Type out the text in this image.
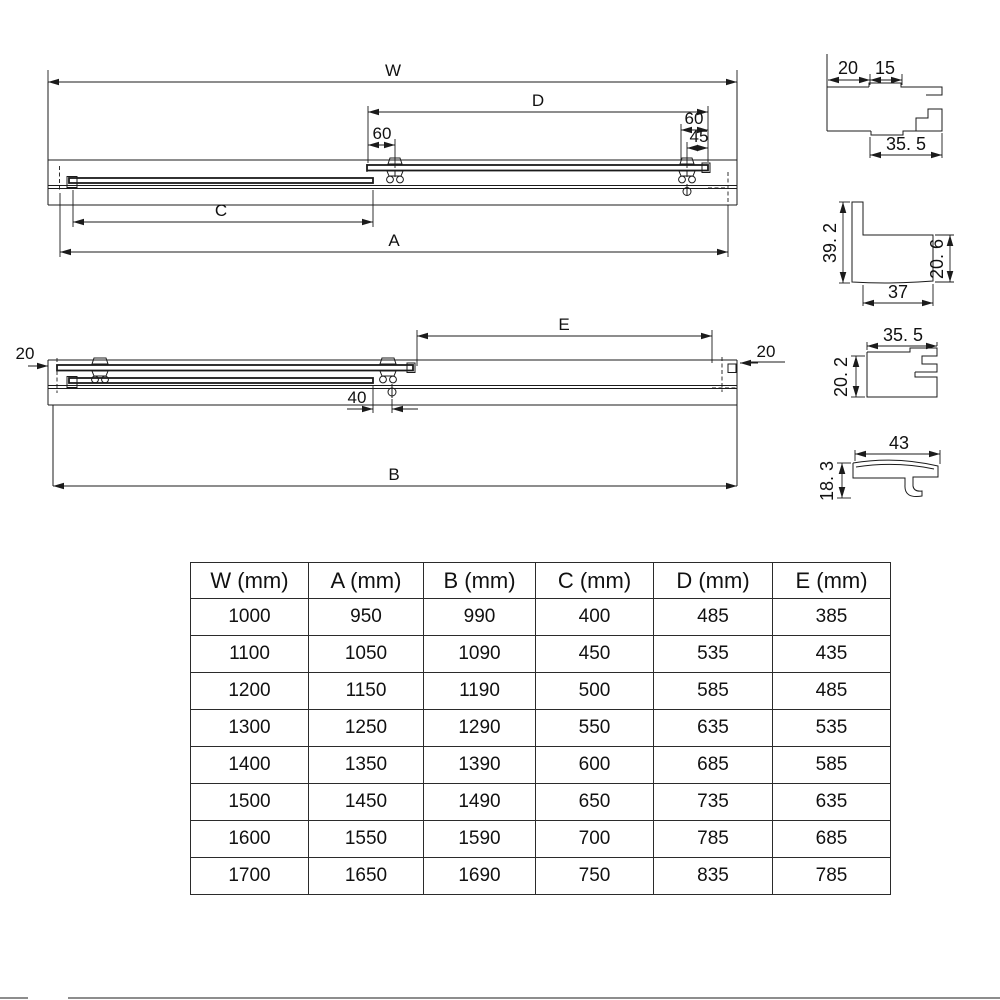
W
D
60
60
45
C
A
20
E
20
40
B
20 15
35. 5
39. 2	20. 6
37
35. 5
20. 2
43
18. 3
W (mm)	A (mm)	B (mm)	C (mm)	D (mm)	E (mm)
1000	950	990	400	485	385
1100	1050	1090	450	535	435
1200	1150	1190	500	585	485
1300	1250	1290	550	635	535
1400	1350	1390	600	685	585
1500	1450	1490	650	735	635
1600	1550	1590	700	785	685
1700	1650	1690	750	835	785
